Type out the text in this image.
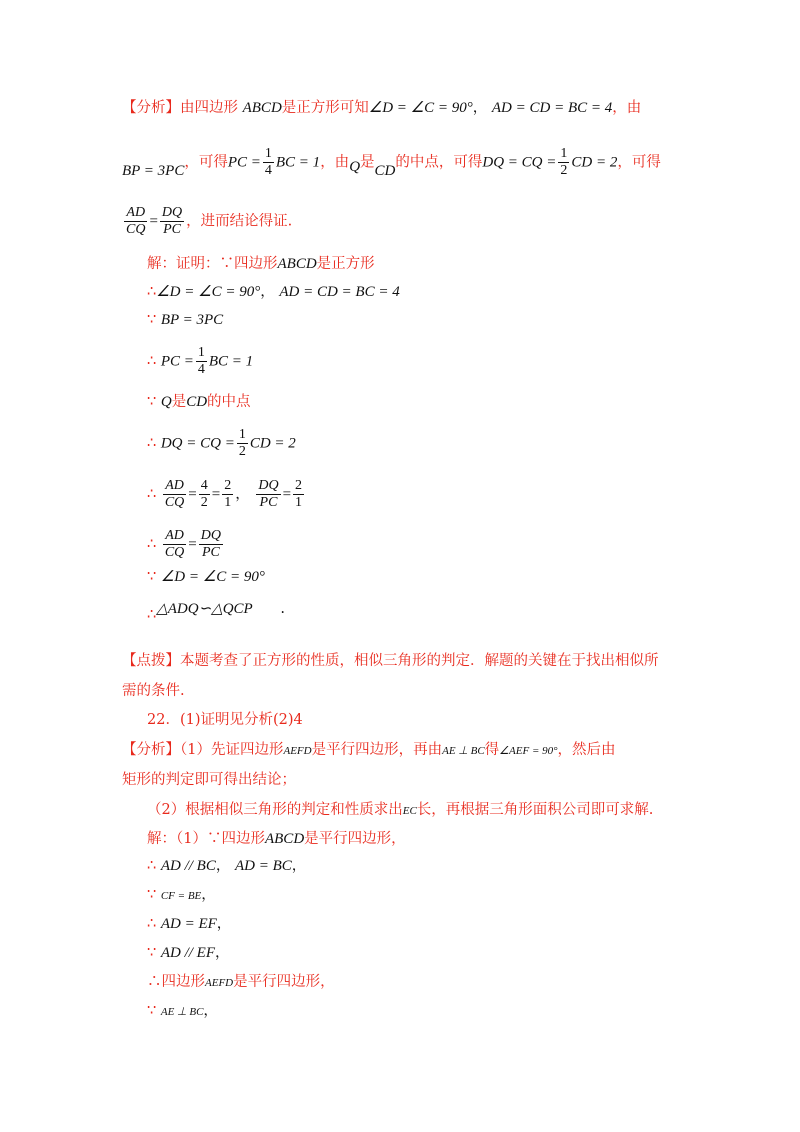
【分析】由四边形 ABCD是正方形可知∠D = ∠C = 90°， AD = CD = BC = 4，由
BP = 3PC，可得PC = $\frac{1}{4}$ BC = 1，由Q是CD的中点，可得DQ = CQ = $\frac{1}{2}$ CD = 2，可得
$\frac{AD}{CQ} = \frac{DQ}{PC}$ ，进而结论得证.
解：证明：∵四边形ABCD是正方形
∴∠D = ∠C = 90°， AD = CD = BC = 4
∵ BP = 3PC
∴ PC = $\frac{1}{4}$ BC = 1
∵ Q是CD的中点
∴ DQ = CQ = $\frac{1}{2}$ CD = 2
∴ $\frac{AD}{CQ} = \frac{4}{2} = \frac{2}{1}$ ， $\frac{DQ}{PC} = \frac{2}{1}$
∴ $\frac{AD}{CQ} = \frac{DQ}{PC}$
∵ ∠D = ∠C = 90°
∴△ADQ∽△QCP .
【点拨】本题考查了正方形的性质，相似三角形的判定．解题的关键在于找出相似所
需的条件.
22．(1)证明见分析(2)4
【分析】（1）先证四边形AEFD是平行四边形，再由AE ⊥ BC得∠AEF = 90°，然后由
矩形的判定即可得出结论；
（2）根据相似三角形的判定和性质求出EC长，再根据三角形面积公司即可求解.
解：（1）∵四边形ABCD是平行四边形，
∴ AD // BC， AD = BC，
∵ CF = BE，
∴ AD = EF，
∵ AD // EF，
∴四边形AEFD是平行四边形，
∵ AE ⊥ BC，
